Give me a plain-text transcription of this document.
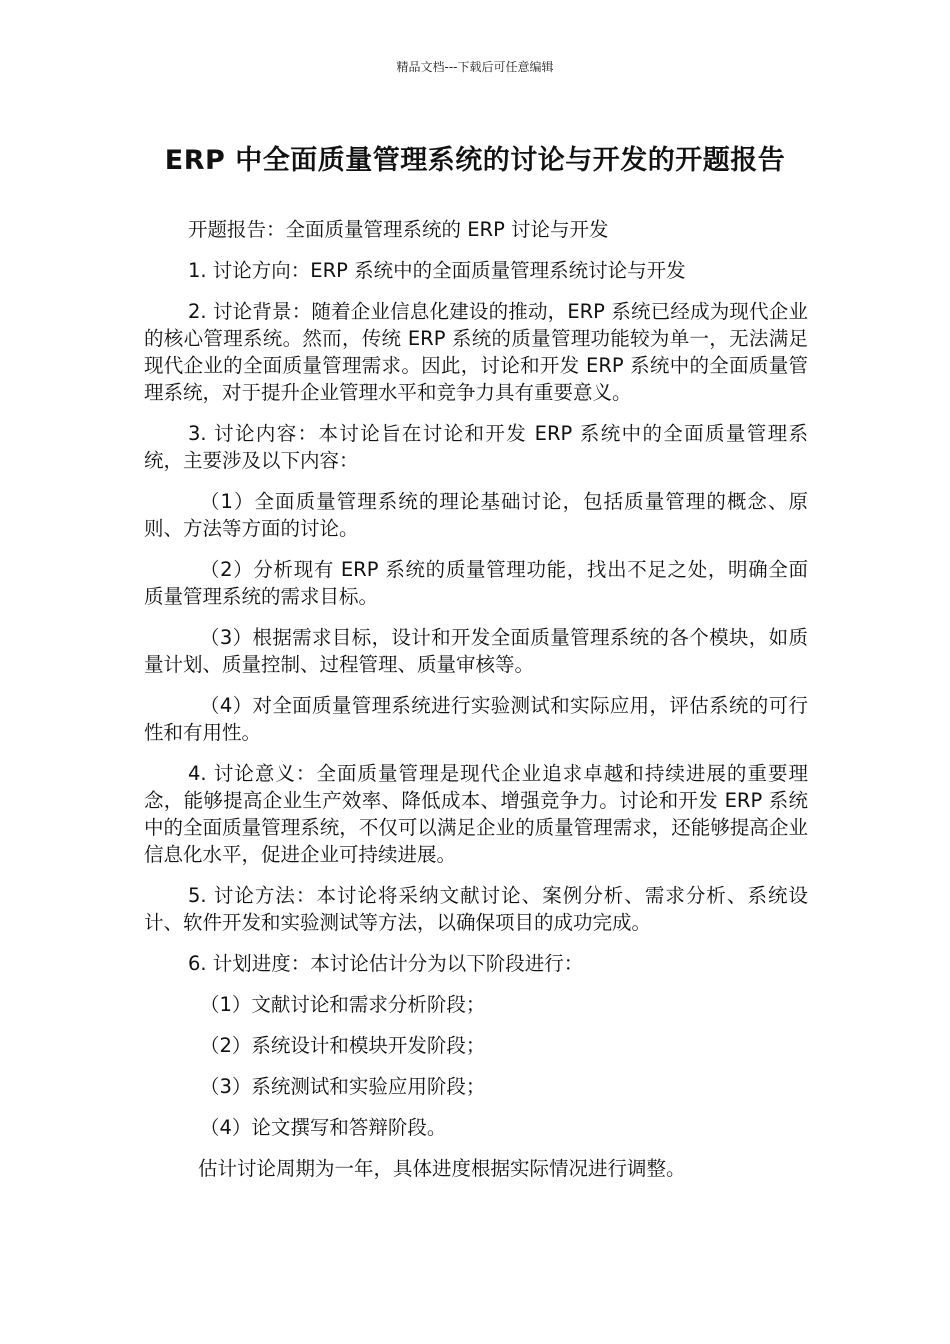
精品文档---下载后可任意编辑
ERP 中全面质量管理系统的讨论与开发的开题报告

开题报告：全面质量管理系统的 ERP 讨论与开发

1. 讨论方向：ERP 系统中的全面质量管理系统讨论与开发

2. 讨论背景：随着企业信息化建设的推动，ERP 系统已经成为现代企业的核心管理系统。然而，传统 ERP 系统的质量管理功能较为单一，无法满足现代企业的全面质量管理需求。因此，讨论和开发 ERP 系统中的全面质量管理系统，对于提升企业管理水平和竞争力具有重要意义。

3. 讨论内容：本讨论旨在讨论和开发 ERP 系统中的全面质量管理系统，主要涉及以下内容：

（1）全面质量管理系统的理论基础讨论，包括质量管理的概念、原则、方法等方面的讨论。

（2）分析现有 ERP 系统的质量管理功能，找出不足之处，明确全面质量管理系统的需求目标。

（3）根据需求目标，设计和开发全面质量管理系统的各个模块，如质量计划、质量控制、过程管理、质量审核等。

（4）对全面质量管理系统进行实验测试和实际应用，评估系统的可行性和有用性。

4. 讨论意义：全面质量管理是现代企业追求卓越和持续进展的重要理念，能够提高企业生产效率、降低成本、增强竞争力。讨论和开发 ERP 系统中的全面质量管理系统，不仅可以满足企业的质量管理需求，还能够提高企业信息化水平，促进企业可持续进展。

5. 讨论方法：本讨论将采纳文献讨论、案例分析、需求分析、系统设计、软件开发和实验测试等方法，以确保项目的成功完成。

6. 计划进度：本讨论估计分为以下阶段进行：

（1）文献讨论和需求分析阶段；

（2）系统设计和模块开发阶段；

（3）系统测试和实验应用阶段；

（4）论文撰写和答辩阶段。

估计讨论周期为一年，具体进度根据实际情况进行调整。
